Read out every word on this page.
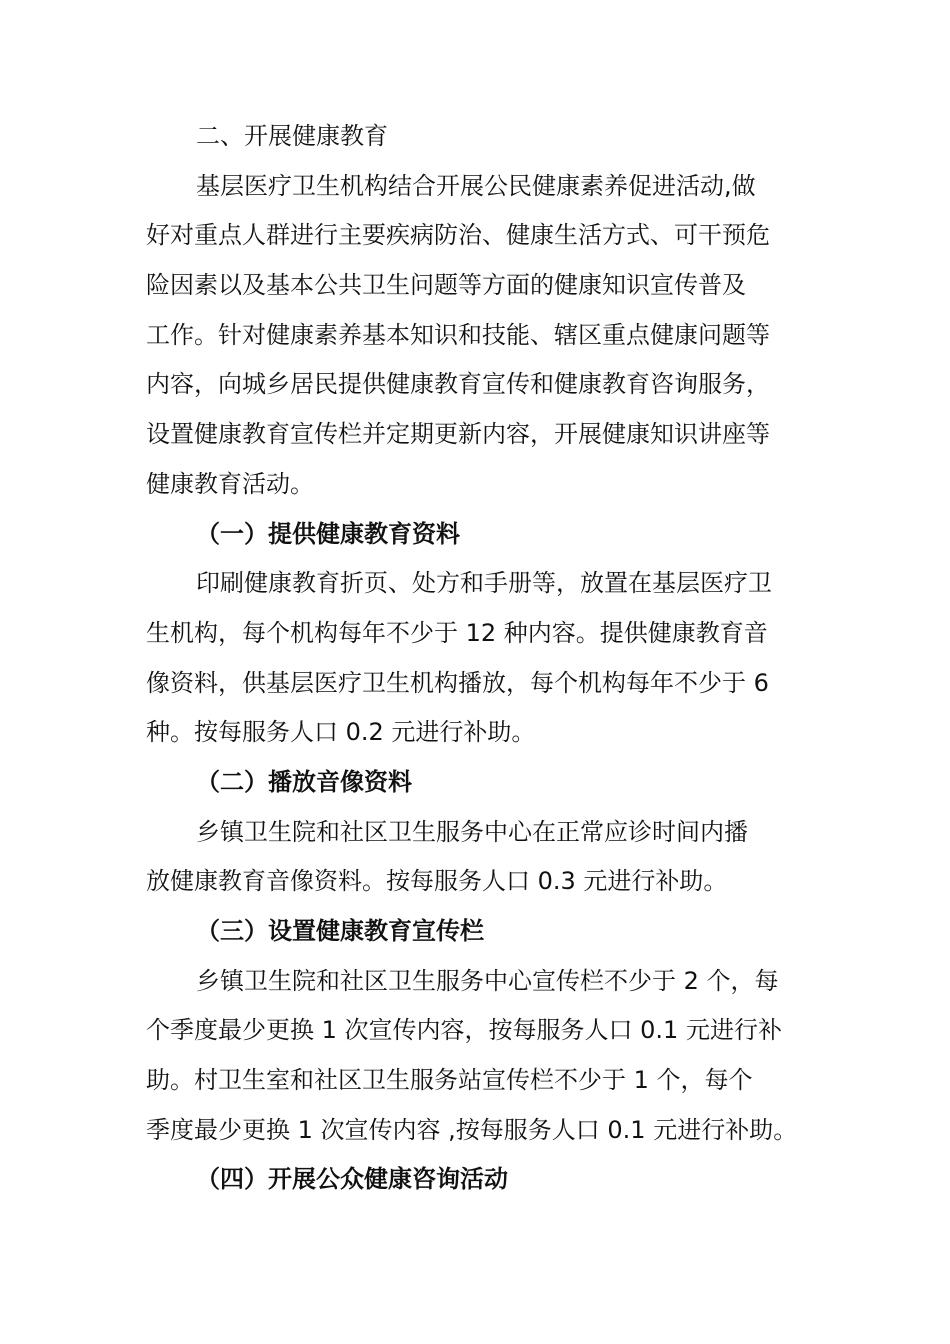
二、开展健康教育
基层医疗卫生机构结合开展公民健康素养促进活动,做
好对重点人群进行主要疾病防治、健康生活方式、可干预危
险因素以及基本公共卫生问题等方面的健康知识宣传普及
工作。针对健康素养基本知识和技能、辖区重点健康问题等
内容，向城乡居民提供健康教育宣传和健康教育咨询服务，
设置健康教育宣传栏并定期更新内容，开展健康知识讲座等
健康教育活动。
（一）提供健康教育资料
印刷健康教育折页、处方和手册等，放置在基层医疗卫
生机构，每个机构每年不少于 12 种内容。提供健康教育音
像资料，供基层医疗卫生机构播放，每个机构每年不少于 6
种。按每服务人口 0.2 元进行补助。
（二）播放音像资料
乡镇卫生院和社区卫生服务中心在正常应诊时间内播
放健康教育音像资料。按每服务人口 0.3 元进行补助。
（三）设置健康教育宣传栏
乡镇卫生院和社区卫生服务中心宣传栏不少于 2 个，每
个季度最少更换 1 次宣传内容，按每服务人口 0.1 元进行补
助。村卫生室和社区卫生服务站宣传栏不少于 1 个，每个
季度最少更换 1 次宣传内容 ,按每服务人口 0.1 元进行补助。
（四）开展公众健康咨询活动
